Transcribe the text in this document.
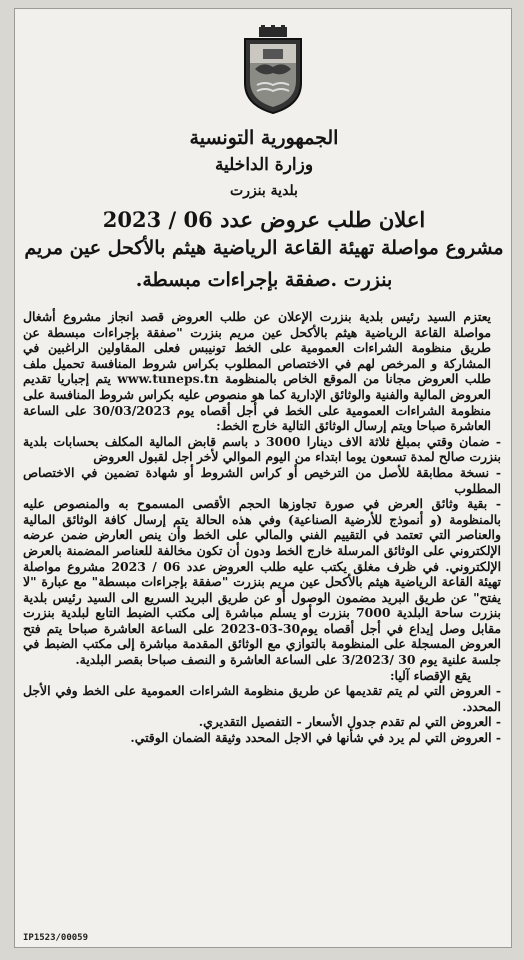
الجمهورية التونسية
وزارة الداخلية
بلدية بنزرت
اعلان طلب عروض عدد 06 / 2023
مشروع مواصلة تهيئة القاعة الرياضية هيثم بالأكحل عين مريم
بنزرت .صفقة بإجراءات مبسطة.

يعتزم السيد رئيس بلدية بنزرت الإعلان عن طلب العروض قصد انجاز مشروع أشغال مواصلة القاعة الرياضية هيثم بالأكحل عين مريم بنزرت "صفقة بإجراءات مبسطة عن طريق منظومة الشراءات العمومية على الخط تونيبس فعلى المقاولين الراغبين في المشاركة و المرخص لهم في الاختصاص المطلوب بكراس شروط المنافسة تحميل ملف طلب العروض مجانا من الموقع الخاص بالمنظومة www.tuneps.tn يتم إجباريا تقديم العروض المالية والفنية والوثائق الإدارية كما هو منصوص عليه بكراس شروط المنافسة على منظومة الشراءات العمومية على الخط في أجل أقصاه يوم 30/03/2023 على الساعة العاشرة صباحا ويتم إرسال الوثائق التالية خارج الخط:

- ضمان وقتي بمبلغ ثلاثة الاف دينارا 3000 د باسم قابض المالية المكلف بحسابات بلدية بنزرت صالح لمدة تسعون يوما ابتداء من اليوم الموالي لأخر اجل لقبول العروض

- نسخة مطابقة للأصل من الترخيص أو كراس الشروط أو شهادة تضمين في الاختصاص المطلوب

- بقية وثائق العرض في صورة تجاوزها الحجم الأقصى المسموح به والمنصوص عليه بالمنظومة (و أنموذج للأرضية الصناعية) وفي هذه الحالة يتم إرسال كافة الوثائق المالية والعناصر التي تعتمد في التقييم الفني والمالي على الخط وأن ينص العارض ضمن عرضه الإلكتروني على الوثائق المرسلة خارج الخط ودون أن تكون مخالفة للعناصر المضمنة بالعرض الإلكتروني. في ظرف مغلق يكتب عليه طلب العروض عدد 06 / 2023 مشروع مواصلة تهيئة القاعة الرياضية هيثم بالأكحل عين مريم بنزرت "صفقة بإجراءات مبسطة" مع عبارة "لا يفتح" عن طريق البريد مضمون الوصول أو عن طريق البريد السريع الى السيد رئيس بلدية بنزرت ساحة البلدية 7000 بنزرت أو يسلم مباشرة إلى مكتب الضبط التابع لبلدية بنزرت مقابل وصل إيداع في أجل أقصاه يوم30-03-2023 على الساعة العاشرة صباحا يتم فتح العروض المسجلة على المنظومة بالتوازي مع الوثائق المقدمة مباشرة إلى مكتب الضبط في جلسة علنية يوم 30 /3/2023 على الساعة العاشرة و النصف صباحا بقصر البلدية.

يقع الإقصاء آليا:

- العروض التي لم يتم تقديمها عن طريق منظومة الشراءات العمومية على الخط وفي الأجل المحدد.

- العروض التي لم تقدم جدول الأسعار - التفصيل التقديري.

- العروض التي لم يرد في شأنها في الاجل المحدد وثيقة الضمان الوقتي.

IP1523/00059
